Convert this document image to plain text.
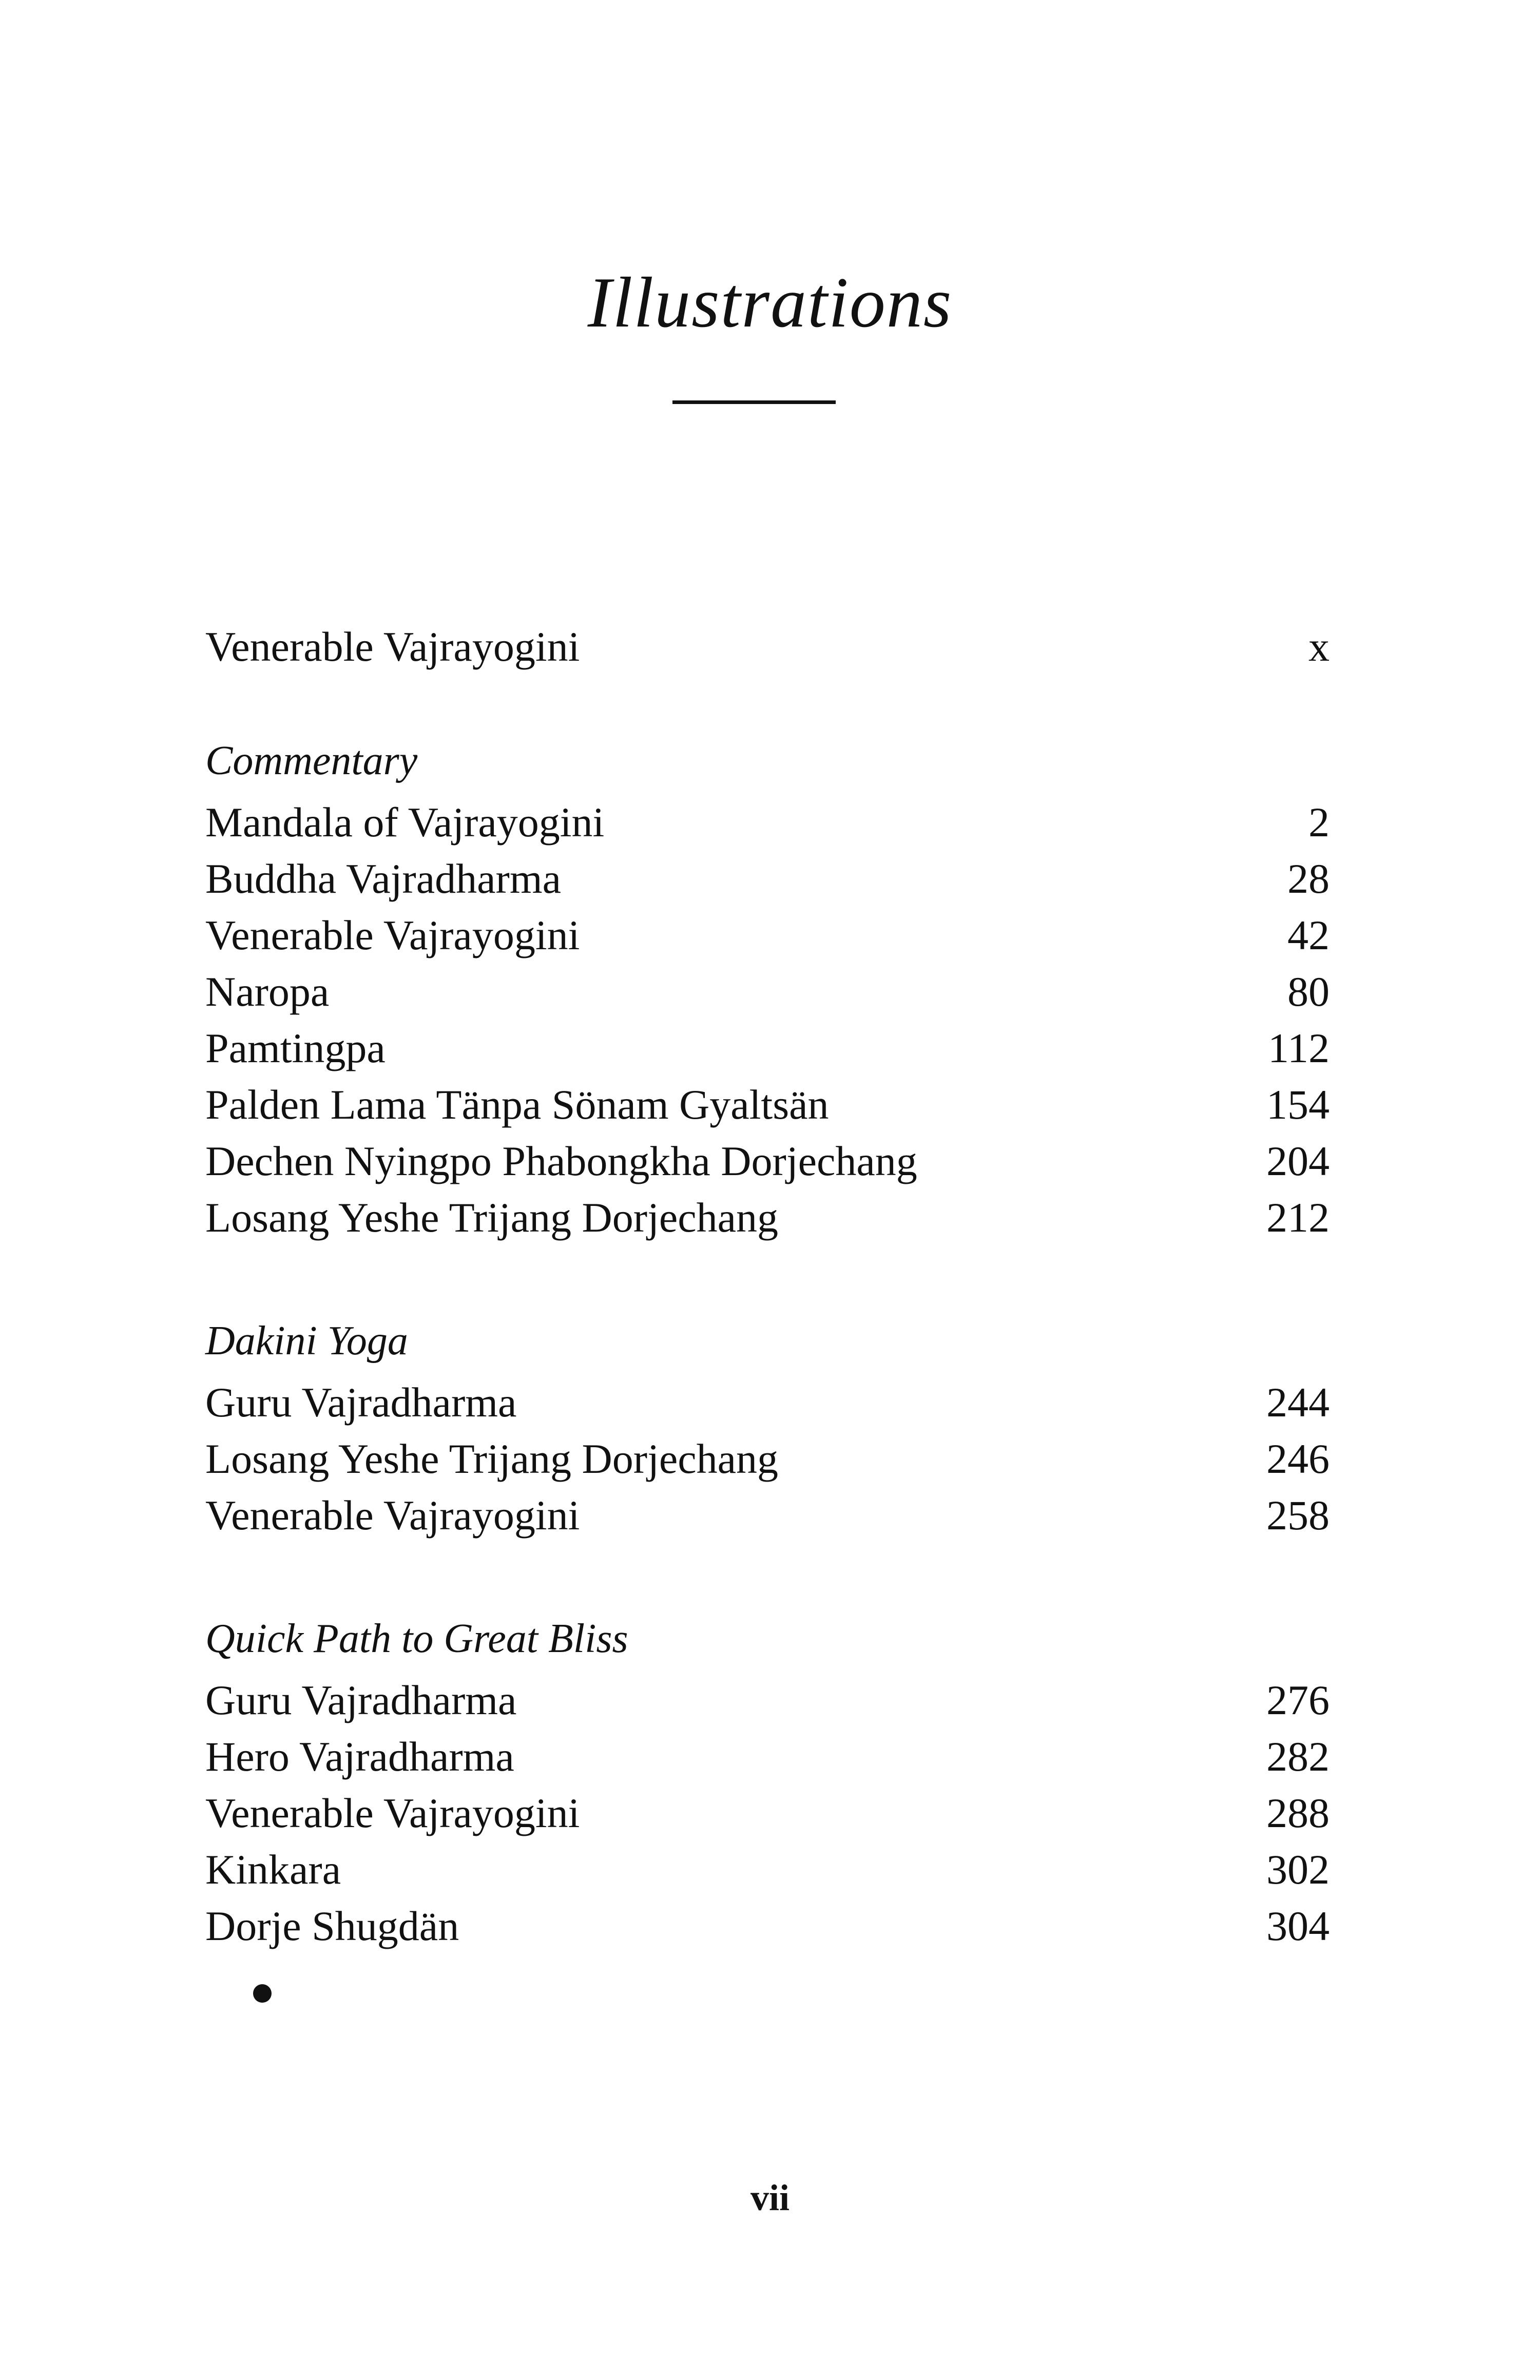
Illustrations
Venerable Vajrayogini	x
Commentary
Mandala of Vajrayogini	2
Buddha Vajradharma	28
Venerable Vajrayogini	42
Naropa	80
Pamtingpa	112
Palden Lama Tänpa Sönam Gyaltsän	154
Dechen Nyingpo Phabongkha Dorjechang	204
Losang Yeshe Trijang Dorjechang	212
Dakini Yoga
Guru Vajradharma	244
Losang Yeshe Trijang Dorjechang	246
Venerable Vajrayogini	258
Quick Path to Great Bliss
Guru Vajradharma	276
Hero Vajradharma	282
Venerable Vajrayogini	288
Kinkara	302
Dorje Shugdän	304
vii
